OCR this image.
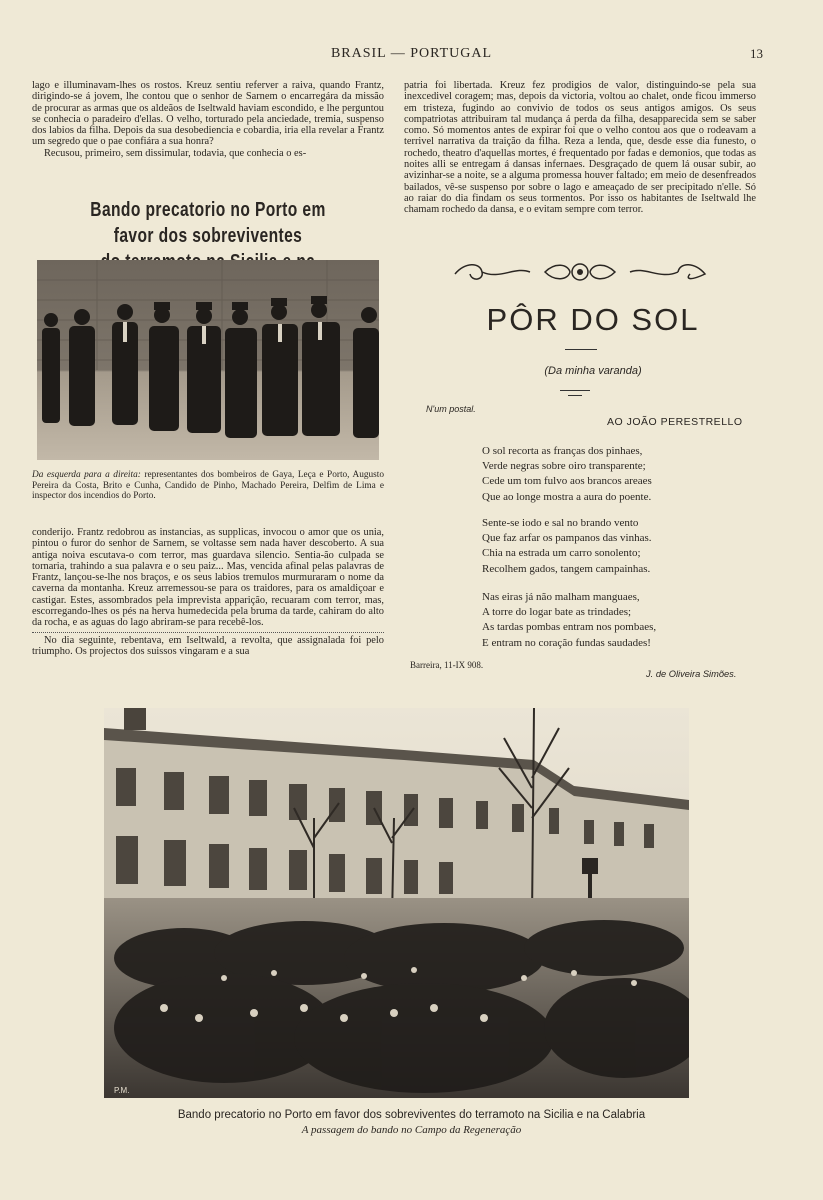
BRASIL — PORTUGAL	13

lago e illuminavam-lhes os rostos. Kreuz sentiu referver a raiva, quando Frantz, dirigindo-se á jovem, lhe contou que o senhor de Sarnem o encarregára da missão de procurar as armas que os aldeãos de Iseltwald haviam escondido, e lhe perguntou se conhecia o paradeiro d'ellas. O velho, torturado pela anciedade, tremia, suspenso dos labios da filha. Depois da sua desobediencia e cobardia, iria ella revelar a Frantz um segredo que o pae confiára a sua honra?

Recusou, primeiro, sem dissimular, todavia, que conhecia o es-

Bando precatorio no Porto em favor dos sobreviventes
Da esquerda para a direita: representantes dos bombeiros de Gaya, Leça e Porto, Augusto Pereira da Costa, Brito e Cunha, Candido de Pinho, Machado Pereira, Delfim de Lima e inspector dos incendios do Porto.

conderijo. Frantz redobrou as instancias, as supplicas, invocou o amor que os unia, pintou o furor do senhor de Sarnem, se voltasse sem nada haver descoberto. A sua antiga noiva escutava-o com terror, mas guardava silencio. Sentia-ão culpada se tornaria, trahindo a sua palavra e o seu paiz... Mas, vencida afinal pelas palavras de Frantz, lançou-se-lhe nos braços, e os seus labios tremulos murmuraram o nome da caverna da montanha. Kreuz arremessou-se para os traidores, para os amaldiçoar e castigar. Estes, assombrados pela imprevista apparição, recuaram com terror, mas, escorregando-lhes os pés na herva humedecida pela bruma da tarde, cahiram do alto da rocha, e as aguas do lago abriram-se para recebê-los.

No dia seguinte, rebentava, em Iseltwald, a revolta, que assignalada foi pelo triumpho. Os projectos dos suissos vingaram e a sua

patria foi libertada. Kreuz fez prodigios de valor, distinguindo-se pela sua inexcedivel coragem; mas, depois da victoria, voltou ao chalet, onde ficou immerso em tristeza, fugindo ao convivio de todos os seus antigos amigos. Os seus compatriotas attribuiram tal mudança á perda da filha, desapparecida sem se saber como. Só momentos antes de expirar foi que o velho contou aos que o rodeavam a terrivel narrativa da traição da filha. Reza a lenda, que, desde esse dia funesto, o rochedo, theatro d'aquellas mortes, é frequentado por fadas e demonios, que todas as noites alli se entregam á dansas infernaes. Desgraçado de quem lá ousar subir, ao avizinhar-se a noite, se a alguma promessa houver faltado; em meio de desenfreados bailados, vê-se suspenso por sobre o lago e ameaçado de ser precipitado n'elle. Só ao raiar do dia findam os seus tormentos. Por isso os habitantes de Iseltwald lhe chamam rochedo da dansa, e o evitam sempre com terror.

PÔR DO SOL
(Da minha varanda)
N'um postal.
AO JOÃO PERESTRELLO
O sol recorta as franças dos pinhaes,
Verde negras sobre oiro transparente;
Cede um tom fulvo aos brancos areaes
Que ao longe mostra a aura do poente.
Sente-se iodo e sal no brando vento
Que faz arfar os pampanos das vinhas.
Chia na estrada um carro sonolento;
Recolhem gados, tangem campainhas.
Nas eiras já não malham manguaes,
A torre do logar bate as trindades;
As tardas pombas entram nos pombaes,
E entram no coração fundas saudades!
Barreira, 11-IX 908.
J. de Oliveira Simões.
P.M.
Bando precatorio no Porto em favor dos sobreviventes do terramoto na Sicilia e na Calabria
A passagem do bando no Campo da Regeneração
